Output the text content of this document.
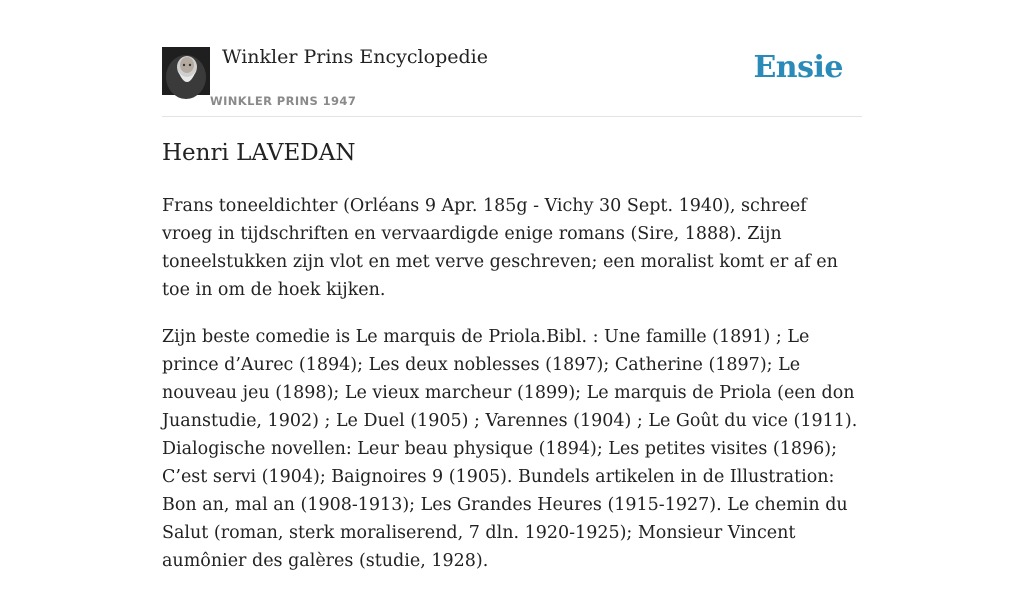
Winkler Prins Encyclopedie
WINKLER PRINS 1947
Ensie
Henri LAVEDAN

Frans toneeldichter (Orléans 9 Apr. 185g - Vichy 30 Sept. 1940), schreef vroeg in tijdschriften en vervaardigde enige romans (Sire, 1888). Zijn toneelstukken zijn vlot en met verve geschreven; een moralist komt er af en toe in om de hoek kijken.

Zijn beste comedie is Le marquis de Priola.Bibl. : Une famille (1891) ; Le prince d’Aurec (1894); Les deux noblesses (1897); Catherine (1897); Le nouveau jeu (1898); Le vieux marcheur (1899); Le marquis de Priola (een don Juanstudie, 1902) ; Le Duel (1905) ; Varennes (1904) ; Le Goût du vice (1911). Dialogische novellen: Leur beau physique (1894); Les petites visites (1896); C’est servi (1904); Baignoires 9 (1905). Bundels artikelen in de Illustration: Bon an, mal an (1908-1913); Les Grandes Heures (1915-1927). Le chemin du Salut (roman, sterk moraliserend, 7 dln. 1920-1925); Monsieur Vincent aumônier des galères (studie, 1928).
